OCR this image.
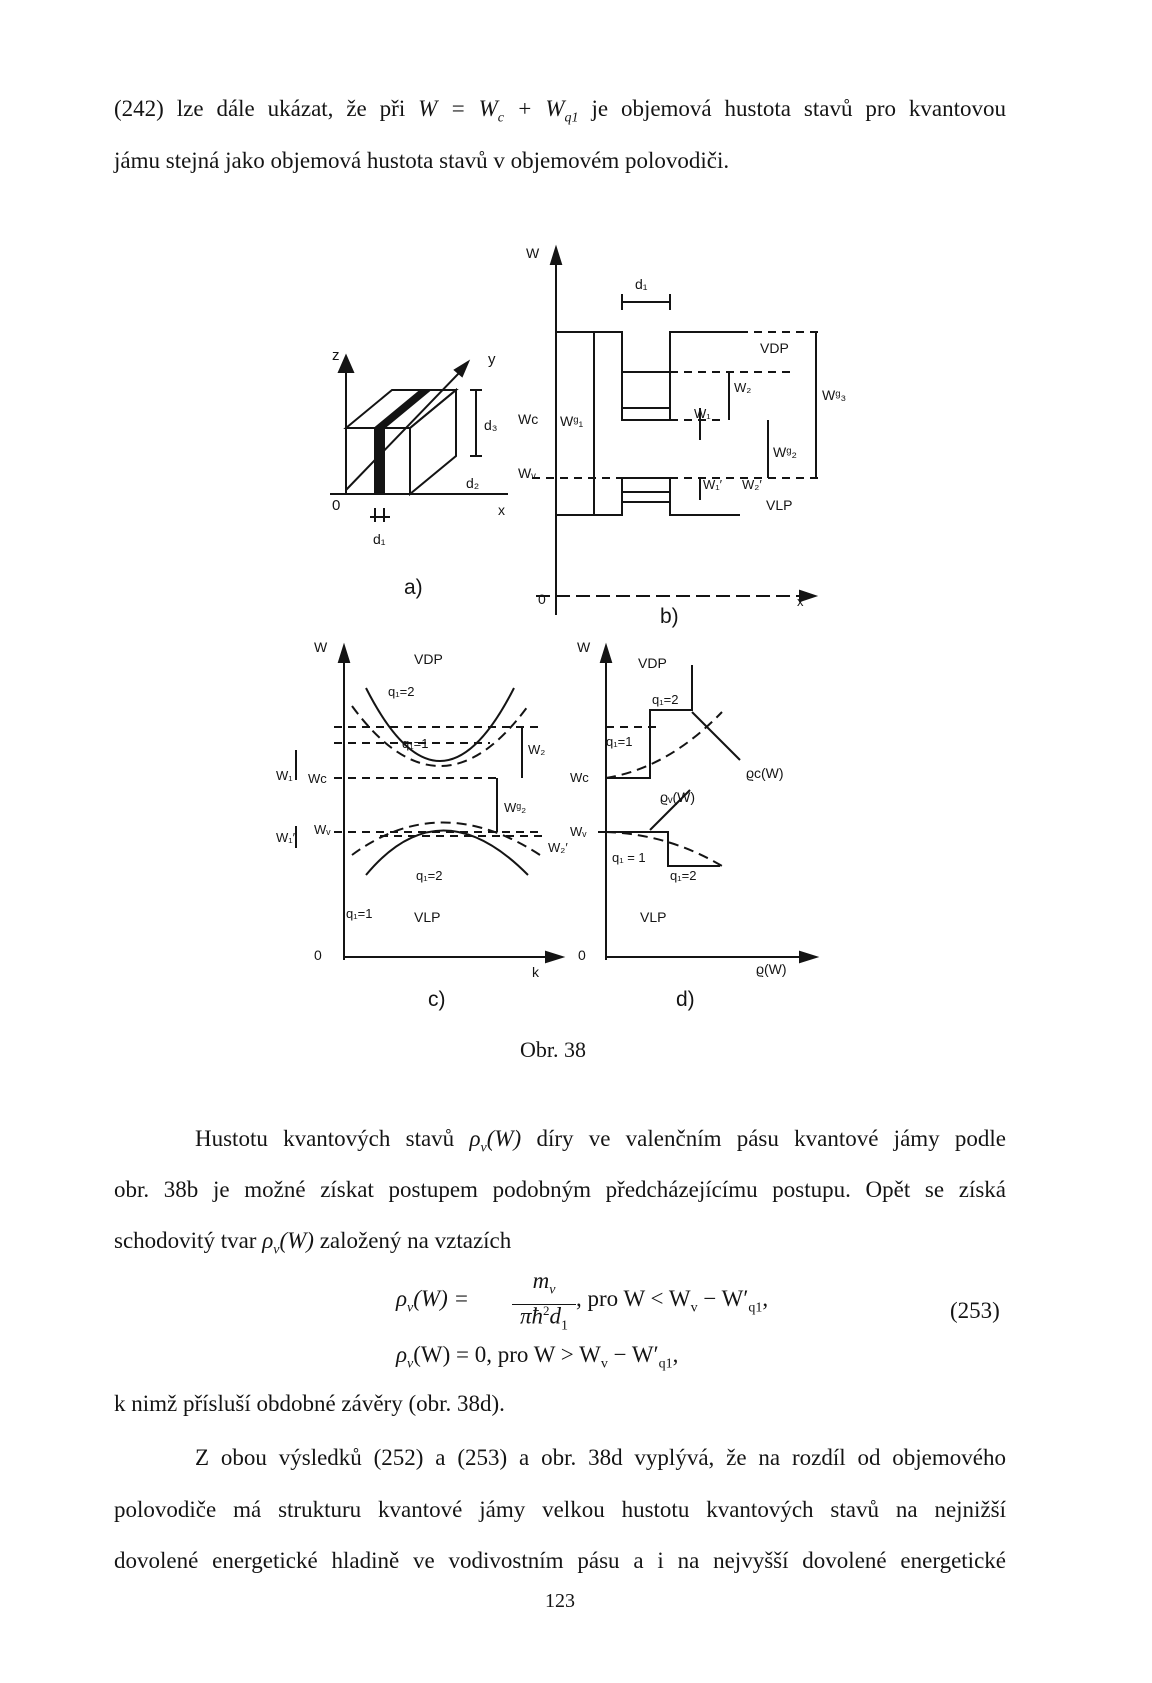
(242) lze dále ukázat, že při $W = W_c + W_{q1}$ je objemová hustota stavů pro kvantovou
jámu stejná jako objemová hustota stavů v objemovém polovodiči.
z	y
x
0
d₃
d₂
d₁
a)
W
0	x
d₁
VDP
VLP
Wᴄ
Wᵥ
Wᵍ₁
Wᵍ₂
Wᵍ₃
W₁
W₂
W₁′ W₂′
b)
W
0
k
VDP
VLP
q₁=2
q₁=1
q₁=2
q₁=1
W₁ Wᴄ
W₁′
Wᵥ
W₂
Wᵍ₂
W₂′
c)
W
0
VDP
VLP
q₁=2
q₁=1
q₁ = 1
q₁=2
Wᴄ
Wᵥ
ϱᴄ(W)
ϱᵥ(W)
ϱ(W)
d)
Obr. 38
Hustotu kvantových stavů $\rho_v(W)$ díry ve valenčním pásu kvantové jámy podle
obr. 38b je možné získat postupem podobným předcházejícímu postupu. Opět se získá
schodovitý tvar $\rho_v(W)$ založený na vztazích
$\rho_v(W)$ =
$m_v$
$\pi ħ^2d_1$
, pro $W < W_v - W'_{q1}$,
$\rho_v(W) = 0$, pro $W > W_v - W'_{q1}$,
(253)
k nimž přísluší obdobné závěry (obr. 38d).
Z obou výsledků (252) a (253) a obr. 38d vyplývá, že na rozdíl od objemového
polovodiče má strukturu kvantové jámy velkou hustotu kvantových stavů na nejnižší
dovolené energetické hladině ve vodivostním pásu a i na nejvyšší dovolené energetické
123
